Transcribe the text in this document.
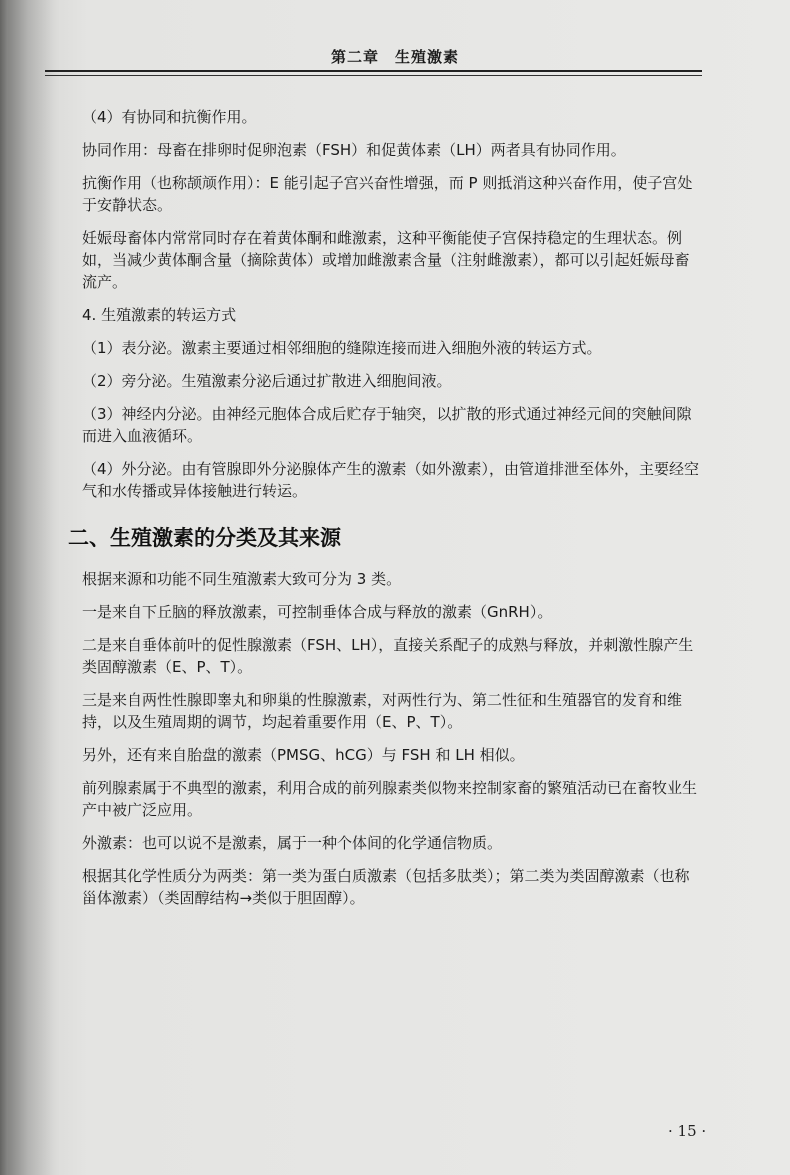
第二章　生殖激素

（4）有协同和抗衡作用。

协同作用：母畜在排卵时促卵泡素（FSH）和促黄体素（LH）两者具有协同作用。

抗衡作用（也称颉颃作用）：E 能引起子宫兴奋性增强，而 P 则抵消这种兴奋作用，使子宫处于安静状态。

妊娠母畜体内常常同时存在着黄体酮和雌激素，这种平衡能使子宫保持稳定的生理状态。例如，当减少黄体酮含量（摘除黄体）或增加雌激素含量（注射雌激素），都可以引起妊娠母畜流产。

4. 生殖激素的转运方式

（1）表分泌。激素主要通过相邻细胞的缝隙连接而进入细胞外液的转运方式。

（2）旁分泌。生殖激素分泌后通过扩散进入细胞间液。

（3）神经内分泌。由神经元胞体合成后贮存于轴突，以扩散的形式通过神经元间的突触间隙而进入血液循环。

（4）外分泌。由有管腺即外分泌腺体产生的激素（如外激素），由管道排泄至体外，主要经空气和水传播或异体接触进行转运。

二、生殖激素的分类及其来源

根据来源和功能不同生殖激素大致可分为 3 类。

一是来自下丘脑的释放激素，可控制垂体合成与释放的激素（GnRH）。

二是来自垂体前叶的促性腺激素（FSH、LH），直接关系配子的成熟与释放，并刺激性腺产生类固醇激素（E、P、T）。

三是来自两性性腺即睾丸和卵巢的性腺激素，对两性行为、第二性征和生殖器官的发育和维持，以及生殖周期的调节，均起着重要作用（E、P、T）。

另外，还有来自胎盘的激素（PMSG、hCG）与 FSH 和 LH 相似。

前列腺素属于不典型的激素，利用合成的前列腺素类似物来控制家畜的繁殖活动已在畜牧业生产中被广泛应用。

外激素：也可以说不是激素，属于一种个体间的化学通信物质。

根据其化学性质分为两类：第一类为蛋白质激素（包括多肽类）；第二类为类固醇激素（也称甾体激素）（类固醇结构→类似于胆固醇）。

· 15 ·
